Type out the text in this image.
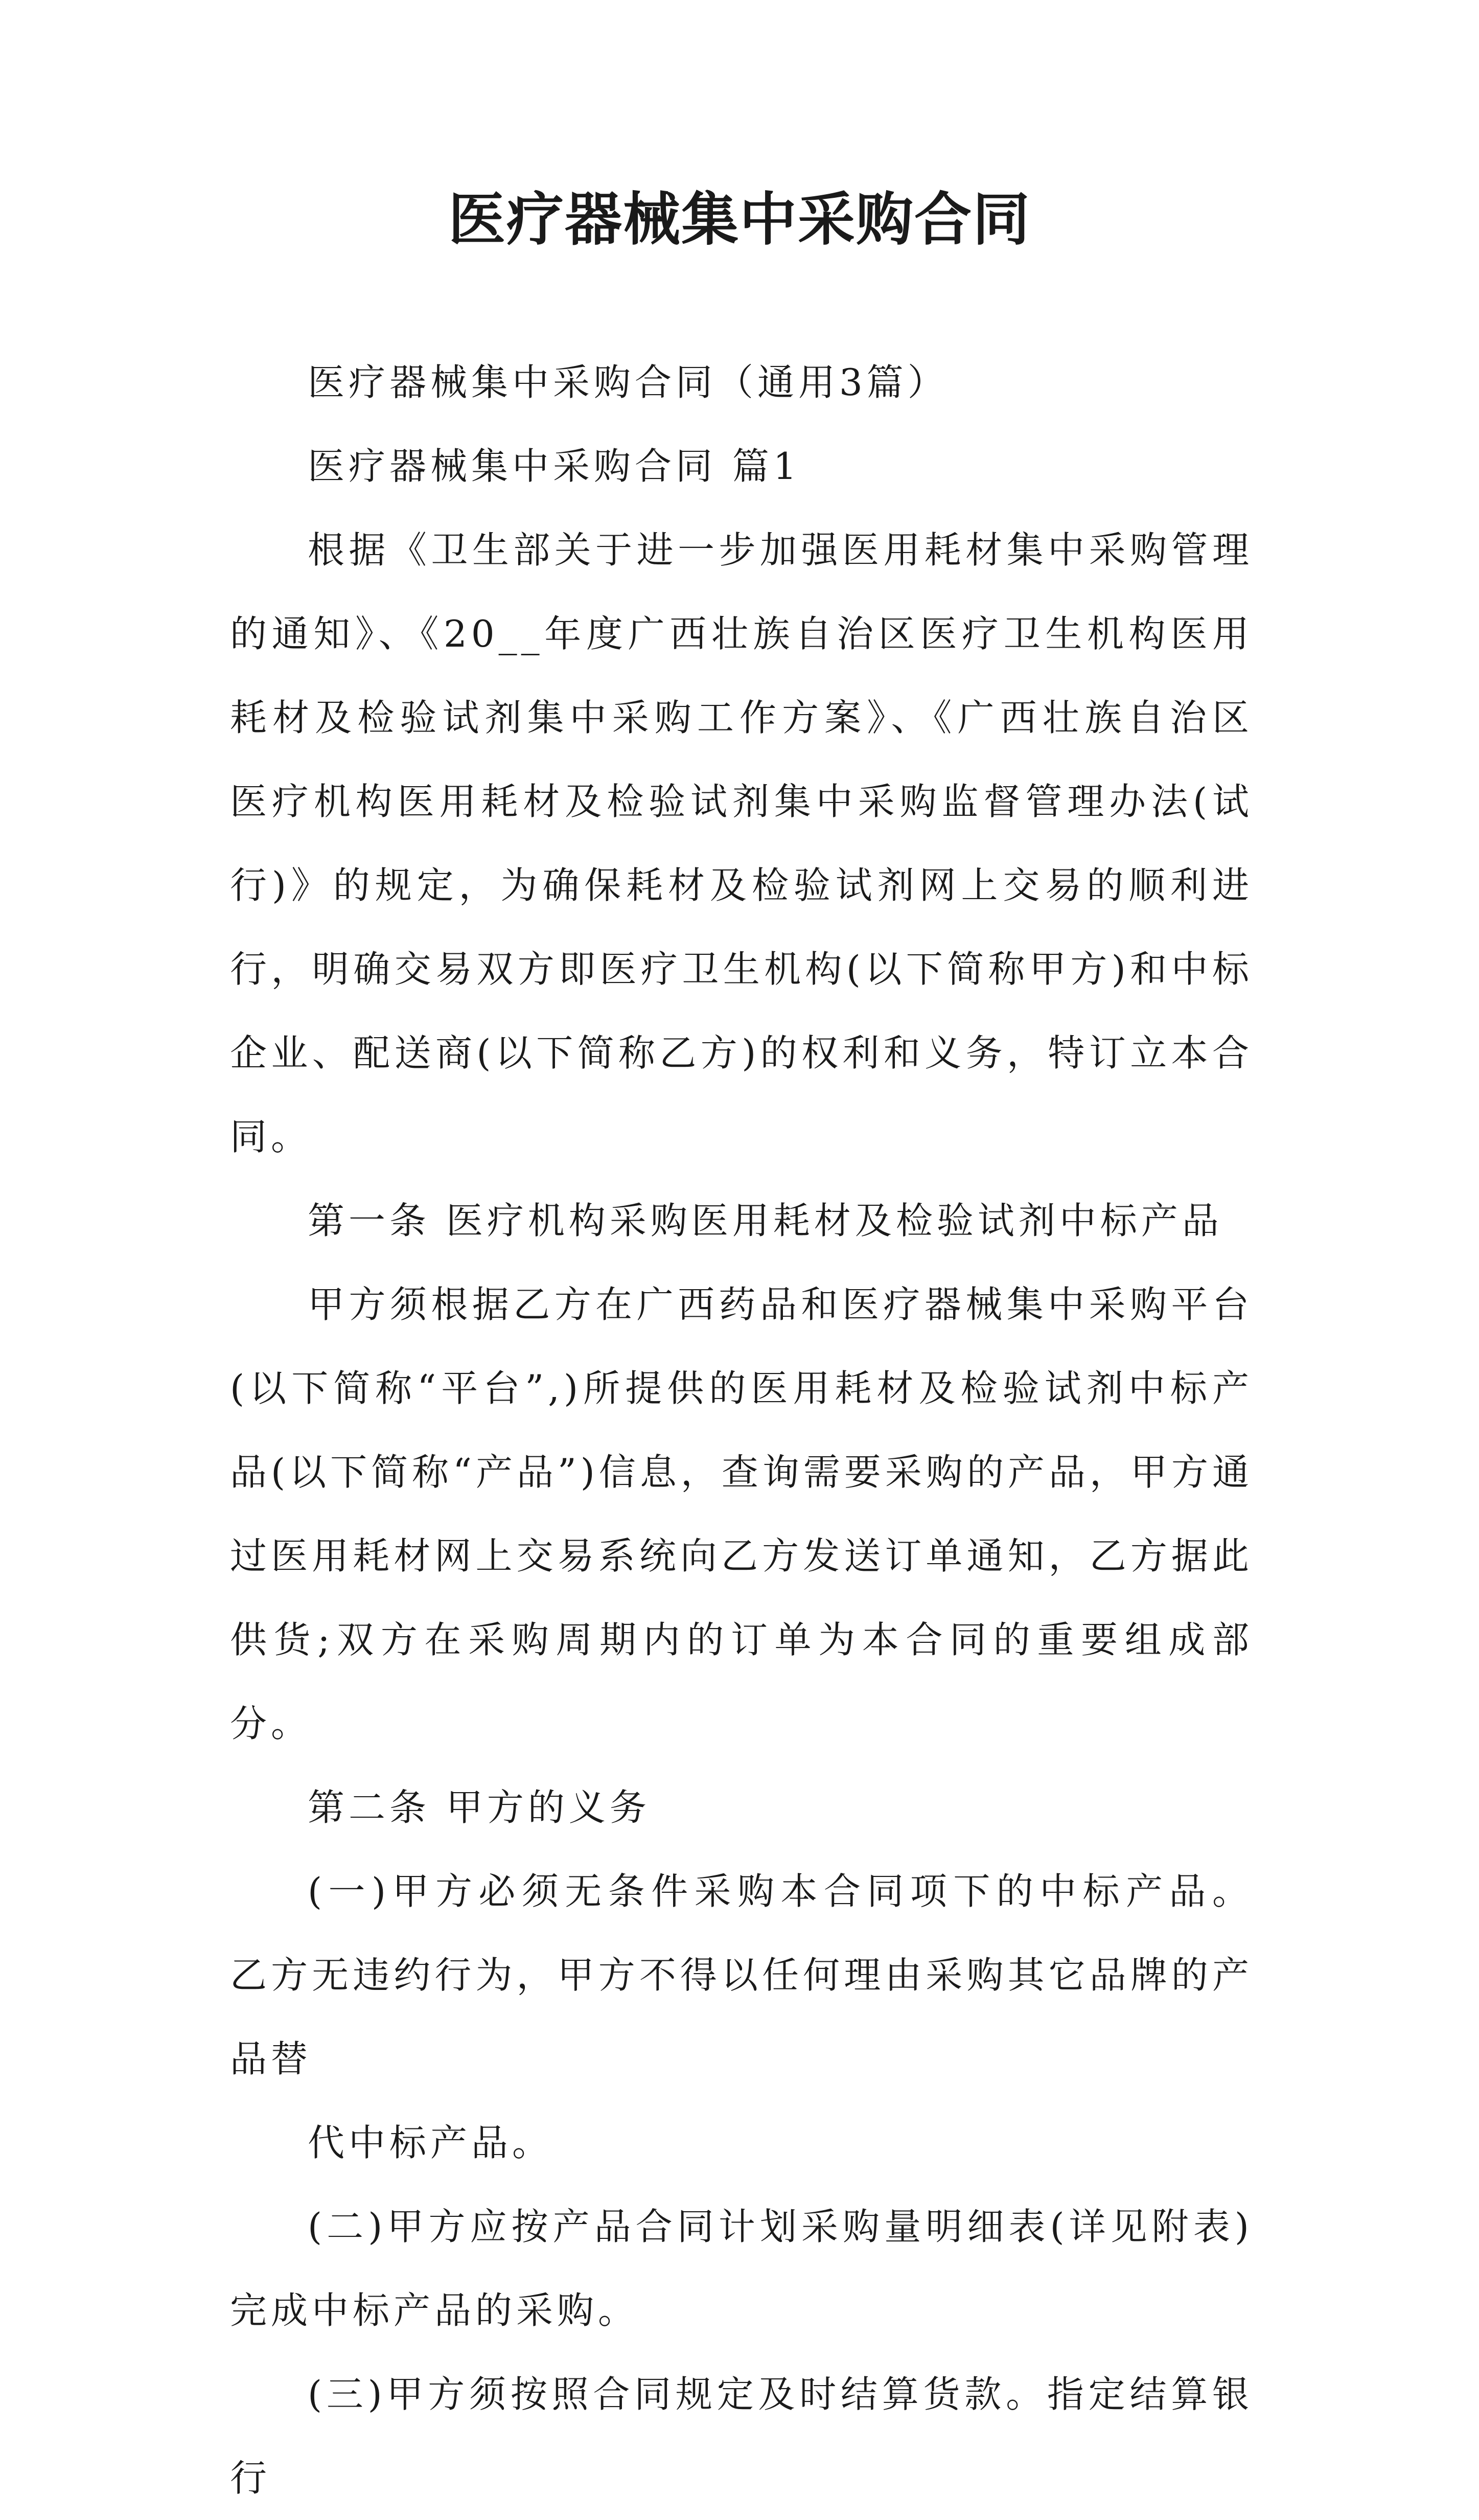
医疗器械集中采购合同

医疗器械集中采购合同（通用3篇）

医疗器械集中采购合同 篇1

根据《卫生部关于进一步加强医用耗材集中采购管理的通知》、《20__年度广西壮族自治区医疗卫生机构医用耗材及检验试剂集中采购工作方案》、《广西壮族自治区医疗机构医用耗材及检验试剂集中采购监督管理办法(试行)》的规定，为确保耗材及检验试剂网上交易的顺利进行，明确交易双方即医疗卫生机构(以下简称甲方)和中标企业、配送商(以下简称乙方)的权利和义务，特订立本合同。

第一条 医疗机构采购医用耗材及检验试剂中标产品

甲方须根据乙方在广西药品和医疗器械集中采购平台(以下简称“平台”,)所提供的医用耗材及检验试剂中标产品(以下简称“产品”)信息，查询需要采购的产品，甲方通过医用耗材网上交易系统向乙方发送订单通知，乙方据此供货;双方在采购周期内的订单为本合同的重要组成部分。

第二条 甲方的义务

(一)甲方必须无条件采购本合同项下的中标产品。 乙方无违约行为，甲方不得以任何理由采购其它品牌的产品替

代中标产品。

(二)甲方应按产品合同计划采购量明细表(详见附表)完成中标产品的采购。

(三)甲方须按照合同规定及时结算货款。指定结算银行
